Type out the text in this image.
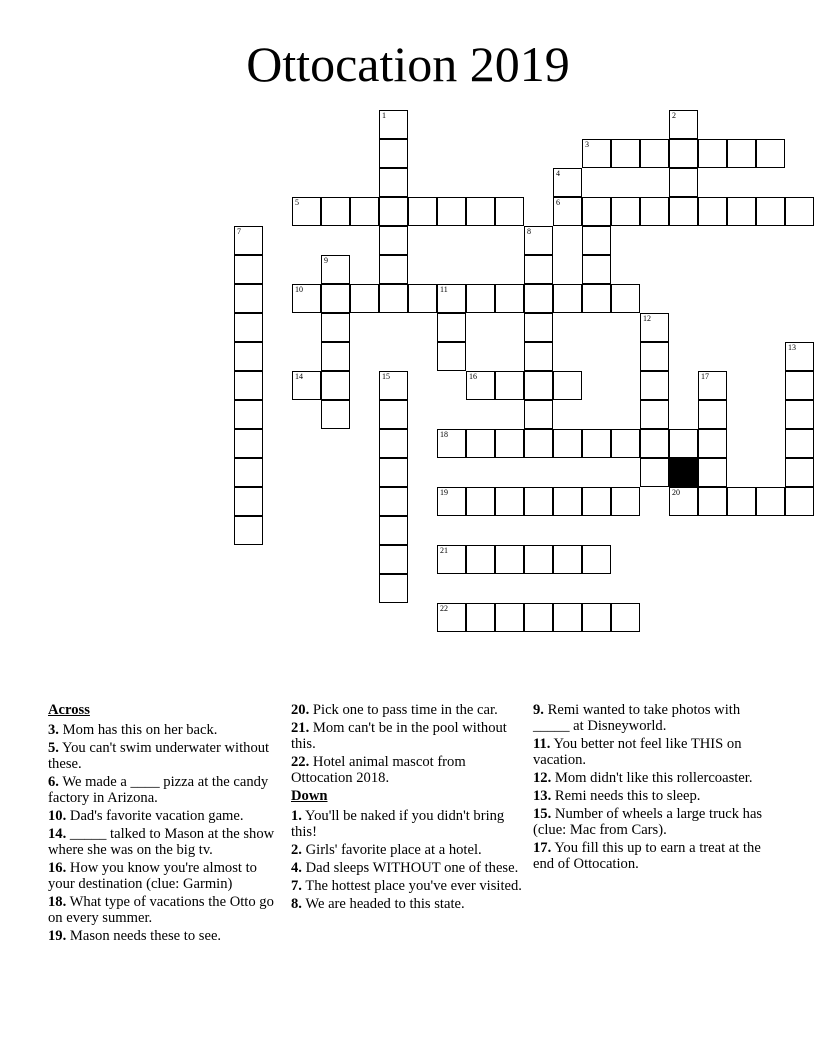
Ottocation 2019
1	2
3
4
5	6
7	8
9
10	11
12
13
14	15	16	17
18
19	20
21
22
Across
3. Mom has this on her back.
5. You can't swim underwater without these.
6. We made a ____ pizza at the candy factory in Arizona.
10. Dad's favorite vacation game.
14. _____ talked to Mason at the show where she was on the big tv.
16. How you know you're almost to your destination (clue: Garmin)
18. What type of vacations the Otto go on every summer.
19. Mason needs these to see.
20. Pick one to pass time in the car.
21. Mom can't be in the pool without this.
22. Hotel animal mascot from Ottocation 2018.
Down
1. You'll be naked if you didn't bring this!
2. Girls' favorite place at a hotel.
4. Dad sleeps WITHOUT one of these.
7. The hottest place you've ever visited.
8. We are headed to this state.
9. Remi wanted to take photos with _____ at Disneyworld.
11. You better not feel like THIS on vacation.
12. Mom didn't like this rollercoaster.
13. Remi needs this to sleep.
15. Number of wheels a large truck has (clue: Mac from Cars).
17. You fill this up to earn a treat at the end of Ottocation.
